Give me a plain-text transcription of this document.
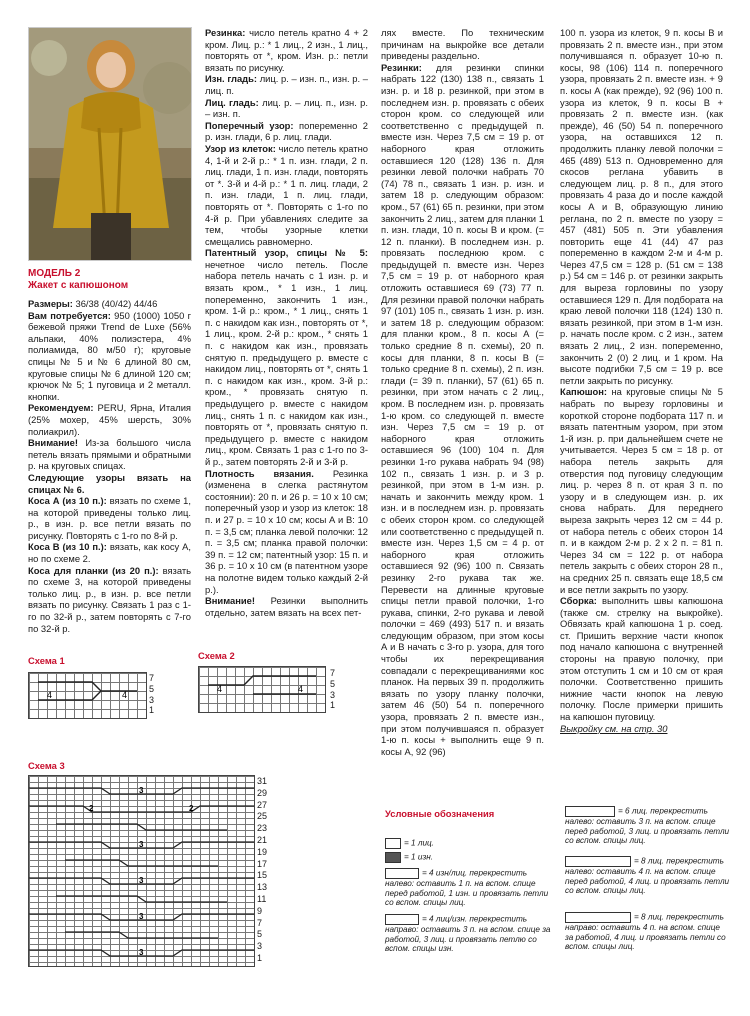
МОДЕЛЬ 2
Жакет с капюшоном

Размеры: 36/38 (40/42) 44/46

Вам потребуется: 950 (1000) 1050 г бежевой пряжи Trend de Luxe (56% альпаки, 40% полиэстера, 4% полиамида, 80 м/50 г); круговые спицы № 5 и № 6 длиной 80 см, круговые спицы № 6 длиной 120 см; крючок № 5; 1 пуговица и 2 металл. кнопки.

Рекомендуем: PERU, Ярна, Италия (25% мохер, 45% шерсть, 30% полиакрил).

Внимание! Из-за большого числа петель вязать прямыми и обратными р. на круговых спицах.

Следующие узоры вязать на спицах № 6.

Коса А (из 10 п.): вязать по схеме 1, на которой приведены только лиц. р., в изн. р. все петли вязать по рисунку. Повторять с 1-го по 8-й р.

Коса В (из 10 п.): вязать, как косу А, но по схеме 2.

Коса для планки (из 20 п.): вязать по схеме 3, на которой приведены только лиц. р., в изн. р. все петли вязать по рисунку. Связать 1 раз с 1-го по 32-й р., затем повторять с 7-го по 32-й р.

Резинка: число петель кратно 4 + 2 кром. Лиц. р.: * 1 лиц., 2 изн., 1 лиц., повторять от *, кром. Изн. р.: петли вязать по рисунку.

Изн. гладь: лиц. р. – изн. п., изн. р. – лиц. п.

Лиц. гладь: лиц. р. – лиц. п., изн. р. – изн. п.

Поперечный узор: попеременно 2 р. изн. глади, 6 р. лиц. глади.

Узор из клеток: число петель кратно 4, 1-й и 2-й р.: * 1 п. изн. глади, 2 п. лиц. глади, 1 п. изн. глади, повторять от *. 3-й и 4-й р.: * 1 п. лиц. глади, 2 п. изн. глади, 1 п. лиц. глади, повторять от *. Повторять с 1-го по 4-й р. При убавлениях следите за тем, чтобы узорные клетки смещались равномерно.

Патентный узор, спицы № 5: нечетное число петель. После набора петель начать с 1 изн. р. и вязать кром., * 1 изн., 1 лиц. попеременно, закончить 1 изн., кром. 1-й р.: кром., * 1 лиц., снять 1 п. с накидом как изн., повторять от *, 1 лиц., кром. 2-й р.: кром., * снять 1 п. с накидом как изн., провязать снятую п. предыдущего р. вместе с накидом лиц., повторять от *, снять 1 п. с накидом как изн., кром. 3-й р.: кром., * провязать снятую п. предыдущего р. вместе с накидом лиц., снять 1 п. с накидом как изн., повторять от *, провязать снятую п. предыдущего р. вместе с накидом лиц., кром. Связать 1 раз с 1-го по 3-й р., затем повторять 2-й и 3-й р.

Плотность вязания. Резинка (изменена в слегка растянутом состоянии): 20 п. и 26 р. = 10 х 10 см; поперечный узор и узор из клеток: 18 п. и 27 р. = 10 х 10 см; косы А и В: 10 п. = 3,5 см; планка левой полочки: 12 п. = 3,5 см; планка правой полочки: 39 п. = 12 см; патентный узор: 15 п. и 36 р. = 10 х 10 см (в патентном узоре на полотне видем только каждый 2-й р.).

Внимание! Резинки выполнить отдельно, затем вязать на всех пет-

лях вместе. По техническим причинам на выкройке все детали приведены раздельно.

Резинки: для резинки спинки набрать 122 (130) 138 п., связать 1 изн. р. и 18 р. резинкой, при этом в последнем изн. р. провязать с обеих сторон кром. со следующей или соответственно с предыдущей п. вместе изн. Через 7,5 см = 19 р. от наборного края отложить оставшиеся 120 (128) 136 п. Для резинки левой полочки набрать 70 (74) 78 п., связать 1 изн. р. изн. и затем 18 р. следующим образом: кром., 57 (61) 65 п. резинки, при этом закончить 2 лиц., затем для планки 1 п. изн. глади, 10 п. косы В и кром. (= 12 п. планки). В последнем изн. р. провязать последнюю кром. с предыдущей п. вместе изн. Через 7,5 см = 19 р. от наборного края отложить оставшиеся 69 (73) 77 п. Для резинки правой полочки набрать 97 (101) 105 п., связать 1 изн. р. изн. и затем 18 р. следующим образом: для планки кром., 8 п. косы А (= только средние 8 п. схемы), 20 п. косы для планки, 8 п. косы В (= только средние 8 п. схемы), 2 п. изн. глади (= 39 п. планки), 57 (61) 65 п. резинки, при этом начать с 2 лиц., кром. В последнем изн. р. провязать 1-ю кром. со следующей п. вместе изн. Через 7,5 см = 19 р. от наборного края отложить оставшиеся 96 (100) 104 п. Для резинки 1-го рукава набрать 94 (98) 102 п., связать 1 изн. р. и 3 р. резинкой, при этом в 1-м изн. р. начать и закончить между кром. 1 изн. и в последнем изн. р. провязать с обеих сторон кром. со следующей или соответственно с предыдущей п. вместе изн. Через 1,5 см = 4 р. от наборного края отложить оставшиеся 92 (96) 100 п. Связать резинку 2-го рукава так же. Перевести на длинные круговые спицы петли правой полочки, 1-го рукава, спинки, 2-го рукава и левой полочки = 469 (493) 517 п. и вязать следующим образом, при этом косы А и В начать с 3-го р. узора, для того чтобы их перекрещивания совпадали с перекрещиваниями кос планок. На первых 39 п. продолжить вязать по узору планку полочки, затем 46 (50) 54 п. поперечного узора, провязать 2 п. вместе изн., при этом получившаяся п. образует 1-ю п. косы + выполнить еще 9 п. косы А, 92 (96)

100 п. узора из клеток, 9 п. косы В и провязать 2 п. вместе изн., при этом получившаяся п. образует 10-ю п. косы, 98 (106) 114 п. поперечного узора, провязать 2 п. вместе изн. + 9 п. косы А (как прежде), 92 (96) 100 п. узора из клеток, 9 п. косы В + провязать 2 п. вместе изн. (как прежде), 46 (50) 54 п. поперечного узора, на оставшихся 12 п. продолжить планку левой полочки = 465 (489) 513 п. Одновременно для скосов реглана убавить в следующем лиц. р. 8 п., для этого провязать 4 раза до и после каждой косы А и В, образующую линию реглана, по 2 п. вместе по узору = 457 (481) 505 п. Эти убавления повторить еще 41 (44) 47 раз попеременно в каждом 2-м и 4-м р. Через 47,5 см = 128 р. (51 см = 138 р.) 54 см = 146 р. от резинки закрыть для выреза горловины по узору оставшиеся 129 п. Для подбората на краю левой полочки 118 (124) 130 п. вязать резинкой, при этом в 1-м изн. р. начать после кром. с 2 изн., затем вязать 2 лиц., 2 изн. попеременно, закончить 2 (0) 2 лиц. и 1 кром. На высоте подгибки 7,5 см = 19 р. все петли закрыть по рисунку.

Капюшон: на круговые спицы № 5 набрать по вырезу горловины и короткой стороне подбората 117 п. и вязать патентным узором, при этом 1-й изн. р. при дальнейшем счете не учитывается. Через 5 см = 18 р. от набора петель закрыть для отверстия под пуговицу следующим лиц. р. через 8 п. от края 3 п. по узору и в следующем изн. р. их снова набрать. Для переднего выреза закрыть через 12 см = 44 р. от набора петель с обеих сторон 14 п. и в каждом 2-м р. 2 х 2 п. = 81 п. Через 34 см = 122 р. от набора петель закрыть с обеих сторон 28 п., на средних 25 п. связать еще 18,5 см и все петли закрыть по узору.

Сборка: выполнить швы капюшона (также см. стрелку на выкройке). Обвязать край капюшона 1 р. соед. ст. Пришить верхние части кнопок под начало капюшона с внутренней стороны на правую полочку, при этом отступить 1 см и 10 см от края полочки. Соответственно пришить нижние части кнопок на левую полочку. После примерки пришить на капюшон пуговицу.

Выкройку см. на стр. 30

Схема 1
4	4
7
5
3
1
Схема 2
4	4
7
5
3
1
Схема 3
3
2	2
3
3
3
3
31
29
27
25
23
21
19
17
15
13
11
9
7
5
3
1
Условные обозначения
= 1 лиц.
= 1 изн.
= 4 изн/лиц. перекрестить налево: оставить 1 п. на вспом. спице перед работой, 1 изн. и провязать петли со вспом. спицы лиц.
= 4 лиц/изн. перекрестить направо: оставить 3 п. на вспом. спице за работой, 3 лиц. и провязать петлю со вспом. спицы изн.
= 6 лиц. перекрестить налево: оставить 3 п. на вспом. спице перед работой, 3 лиц. и провязать петли со вспом. спицы лиц.
= 8 лиц. перекрестить налево: оставить 4 п. на вспом. спице перед работой, 4 лиц. и провязать петли со вспом. спицы лиц.
= 8 лиц. перекрестить направо: оставить 4 п. на вспом. спице за работой, 4 лиц. и провязать петли со вспом. спицы лиц.
